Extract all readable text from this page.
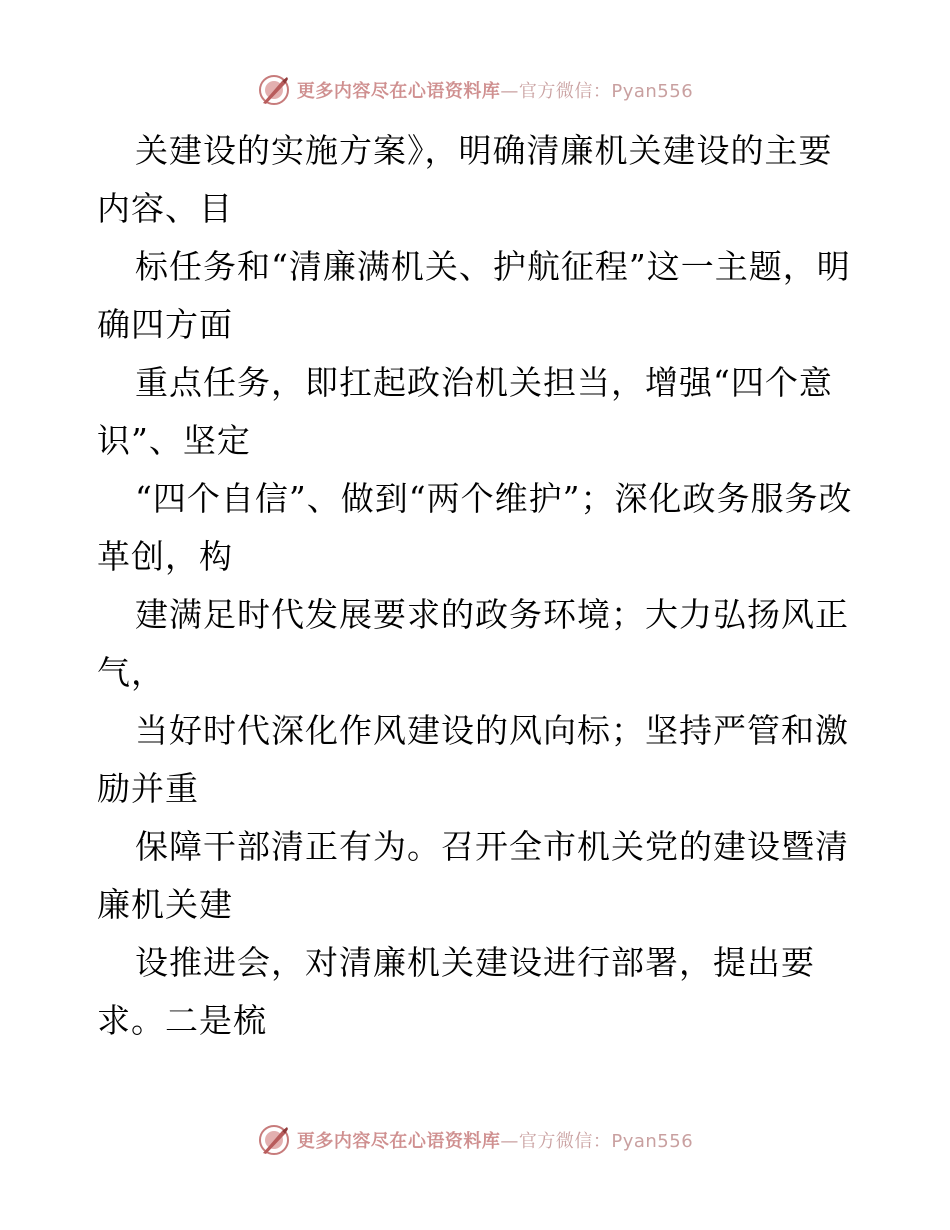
更多内容尽在心语资料库—官方微信：Pyan556

关建设的实施方案》，明确清廉机关建设的主要内容、目

标任务和“清廉满机关、护航征程”这一主题，明确四方面

重点任务，即扛起政治机关担当，增强“四个意识”、坚定

“四个自信”、做到“两个维护”；深化政务服务改革创，构

建满足时代发展要求的政务环境；大力弘扬风正气，

当好时代深化作风建设的风向标；坚持严管和激励并重

保障干部清正有为。召开全市机关党的建设暨清廉机关建

设推进会，对清廉机关建设进行部署，提出要求。二是梳

更多内容尽在心语资料库—官方微信：Pyan556
